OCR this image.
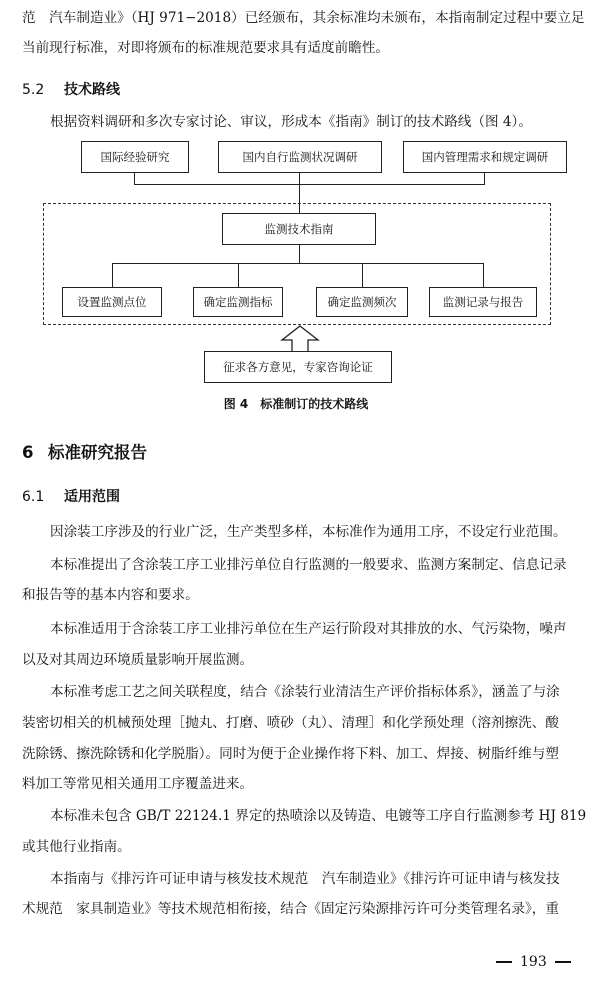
范　汽车制造业》（HJ 971−2018）已经颁布，其余标准均未颁布，本指南制定过程中要立足
当前现行标准，对即将颁布的标准规范要求具有适度前瞻性。
5.2 技术路线
根据资料调研和多次专家讨论、审议，形成本《指南》制订的技术路线（图 4）。
国际经验研究	国内自行监测状况调研	国内管理需求和规定调研
监测技术指南
设置监测点位	确定监测指标	确定监测频次	监测记录与报告
征求各方意见，专家咨询论证
图 4 标准制订的技术路线
6 标准研究报告
6.1 适用范围
因涂装工序涉及的行业广泛，生产类型多样，本标准作为通用工序，不设定行业范围。
本标准提出了含涂装工序工业排污单位自行监测的一般要求、监测方案制定、信息记录
和报告等的基本内容和要求。
本标准适用于含涂装工序工业排污单位在生产运行阶段对其排放的水、气污染物，噪声
以及对其周边环境质量影响开展监测。
本标准考虑工艺之间关联程度，结合《涂装行业清洁生产评价指标体系》，涵盖了与涂
装密切相关的机械预处理［抛丸、打磨、喷砂（丸）、清理］和化学预处理（溶剂擦洗、酸
洗除锈、擦洗除锈和化学脱脂）。同时为便于企业操作将下料、加工、焊接、树脂纤维与塑
料加工等常见相关通用工序覆盖进来。
本标准未包含 GB/T 22124.1 界定的热喷涂以及铸造、电镀等工序自行监测参考 HJ 819
或其他行业指南。
本指南与《排污许可证申请与核发技术规范　汽车制造业》《排污许可证申请与核发技
术规范　家具制造业》等技术规范相衔接，结合《固定污染源排污许可分类管理名录》，重
193
